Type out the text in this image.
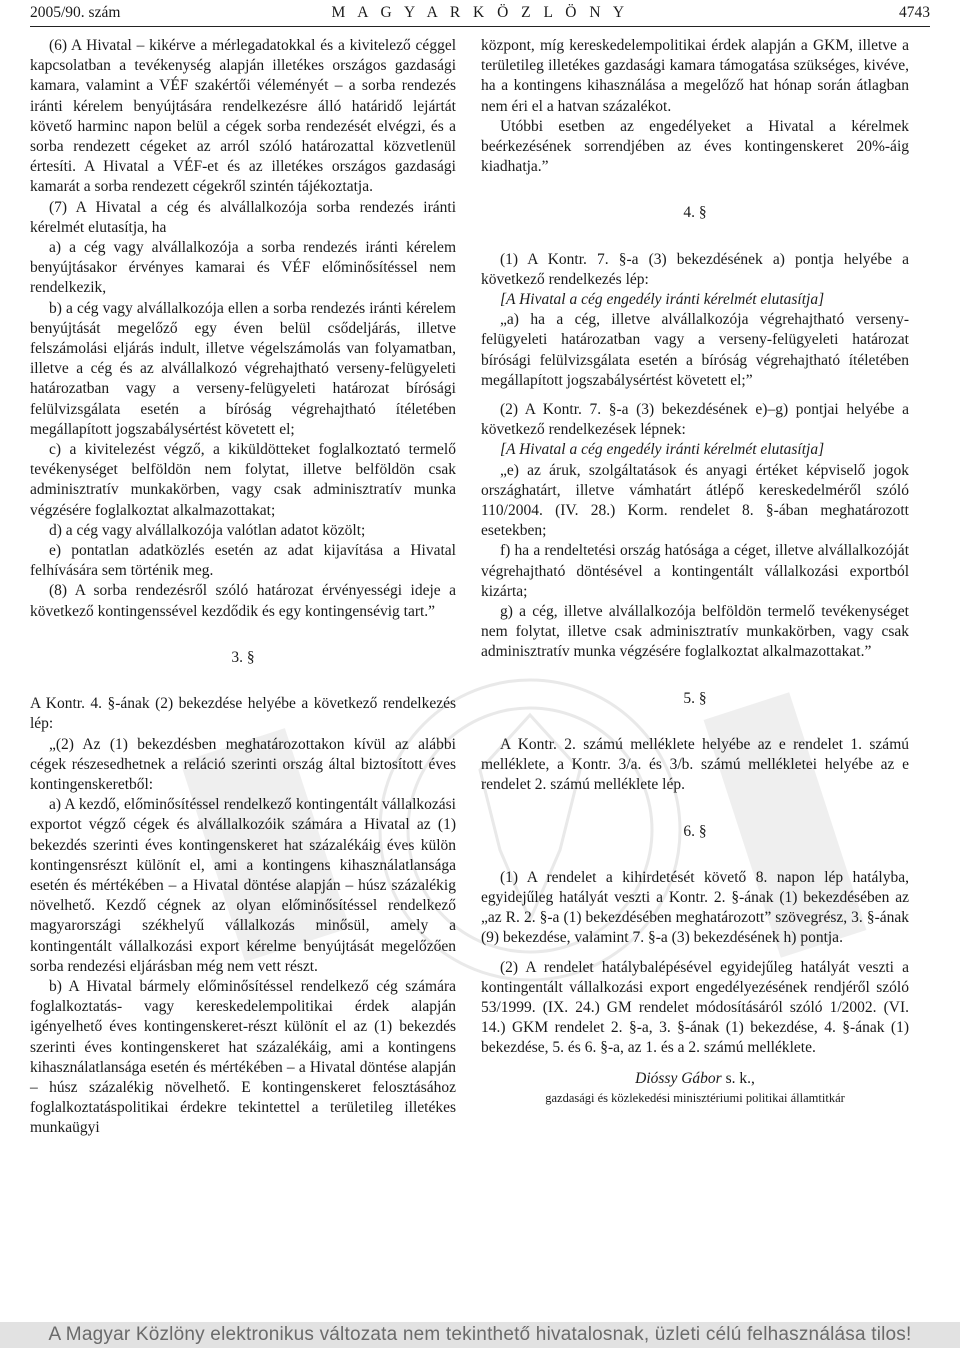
2005/90. szám	M A G Y A R K Ö Z L Ö N Y	4743

(6) A Hivatal – kikérve a mérlegadatokkal és a kivitelező céggel kapcsolatban a tevékenység alapján illetékes országos gazdasági kamara, valamint a VÉF szakértői véleményét – a sorba rendezés iránti kérelem benyújtására rendelkezésre álló határidő lejártát követő harminc napon belül a cégek sorba rendezését elvégzi, és a sorba rendezett cégeket az arról szóló határozattal közvetlenül értesíti. A Hivatal a VÉF-et és az illetékes országos gazdasági kamarát a sorba rendezett cégekről szintén tájékoztatja.

(7) A Hivatal a cég és alvállalkozója sorba rendezés iránti kérelmét elutasítja, ha

a) a cég vagy alvállalkozója a sorba rendezés iránti kérelem benyújtásakor érvényes kamarai és VÉF előminősítéssel nem rendelkezik,

b) a cég vagy alvállalkozója ellen a sorba rendezés iránti kérelem benyújtását megelőző egy éven belül csődeljárás, illetve felszámolási eljárás indult, illetve végelszámolás van folyamatban, illetve a cég és az alvállalkozó végrehajtható verseny-felügyeleti határozatban vagy a verseny-felügyeleti határozat bírósági felülvizsgálata esetén a bíróság végrehajtható ítéletében megállapított jogszabálysértést követett el;

c) a kivitelezést végző, a kiküldötteket foglalkoztató termelő tevékenységet belföldön nem folytat, illetve belföldön csak adminisztratív munkakörben, vagy csak adminisztratív munka végzésére foglalkoztat alkalmazottakat;

d) a cég vagy alvállalkozója valótlan adatot közölt;

e) pontatlan adatközlés esetén az adat kijavítása a Hivatal felhívására sem történik meg.

(8) A sorba rendezésről szóló határozat érvényességi ideje a következő kontingenssével kezdődik és egy kontingensévig tart.”

3. §

A Kontr. 4. §-ának (2) bekezdése helyébe a következő rendelkezés lép:

„(2) Az (1) bekezdésben meghatározottakon kívül az alábbi cégek részesedhetnek a reláció szerinti ország által biztosított éves kontingenskeretből:

a) A kezdő, előminősítéssel rendelkező kontingentált vállalkozási exportot végző cégek és alvállalkozóik számára a Hivatal az (1) bekezdés szerinti éves kontingenskeret hat százalékáig éves külön kontingensrészt különít el, ami a kontingens kihasználatlansága esetén és mértékében – a Hivatal döntése alapján – húsz százalékig növelhető. Kezdő cégnek az olyan előminősítéssel rendelkező magyarországi székhelyű vállalkozás minősül, amely a kontingentált vállalkozási export kérelme benyújtását megelőzően sorba rendezési eljárásban még nem vett részt.

b) A Hivatal bármely előminősítéssel rendelkező cég számára foglalkoztatás- vagy kereskedelempolitikai érdek alapján igényelhető éves kontingenskeret-részt különít el az (1) bekezdés szerinti éves kontingenskeret hat százalékáig, ami a kontingens kihasználatlansága esetén és mértékében – a Hivatal döntése alapján – húsz százalékig növelhető. E kontingenskeret felosztásához foglalkoztatáspolitikai érdekre tekintettel a területileg illetékes munkaügyi

központ, míg kereskedelempolitikai érdek alapján a GKM, illetve a területileg illetékes gazdasági kamara támogatása szükséges, kivéve, ha a kontingens kihasználása a megelőző hat hónap során átlagban nem éri el a hatvan százalékot.

Utóbbi esetben az engedélyeket a Hivatal a kérelmek beérkezésének sorrendjében az éves kontingenskeret 20%-áig kiadhatja.”

4. §

(1) A Kontr. 7. §-a (3) bekezdésének a) pontja helyébe a következő rendelkezés lép:

[A Hivatal a cég engedély iránti kérelmét elutasítja]

„a) ha a cég, illetve alvállalkozója végrehajtható verseny-felügyeleti határozatban vagy a verseny-felügyeleti határozat bírósági felülvizsgálata esetén a bíróság végrehajtható ítéletében megállapított jogszabálysértést követett el;”

(2) A Kontr. 7. §-a (3) bekezdésének e)–g) pontjai helyébe a következő rendelkezések lépnek:

[A Hivatal a cég engedély iránti kérelmét elutasítja]

„e) az áruk, szolgáltatások és anyagi értéket képviselő jogok országhatárt, illetve vámhatárt átlépő kereskedelméről szóló 110/2004. (IV. 28.) Korm. rendelet 8. §-ában meghatározott esetekben;

f) ha a rendeltetési ország hatósága a céget, illetve alvállalkozóját végrehajtható döntésével a kontingentált vállalkozási exportból kizárta;

g) a cég, illetve alvállalkozója belföldön termelő tevékenységet nem folytat, illetve csak adminisztratív munkakörben, vagy csak adminisztratív munka végzésére foglalkoztat alkalmazottakat.”

5. §

A Kontr. 2. számú melléklete helyébe az e rendelet 1. számú melléklete, a Kontr. 3/a. és 3/b. számú mellékletei helyébe az e rendelet 2. számú melléklete lép.

6. §

(1) A rendelet a kihirdetését követő 8. napon lép hatályba, egyidejűleg hatályát veszti a Kontr. 2. §-ának (1) bekezdésében az „az R. 2. §-a (1) bekezdésében meghatározott” szövegrész, 3. §-ának (9) bekezdése, valamint 7. §-a (3) bekezdésének h) pontja.

(2) A rendelet hatálybalépésével egyidejűleg hatályát veszti a kontingentált vállalkozási export engedélyezésének rendjéről szóló 53/1999. (IX. 24.) GM rendelet módosításáról szóló 1/2002. (VI. 14.) GKM rendelet 2. §-a, 3. §-ának (1) bekezdése, 4. §-ának (1) bekezdése, 5. és 6. §-a, az 1. és a 2. számú melléklete.

Dióssy Gábor s. k.,
gazdasági és közlekedési minisztériumi politikai államtitkár
A Magyar Közlöny elektronikus változata nem tekinthető hivatalosnak, üzleti célú felhasználása tilos!
